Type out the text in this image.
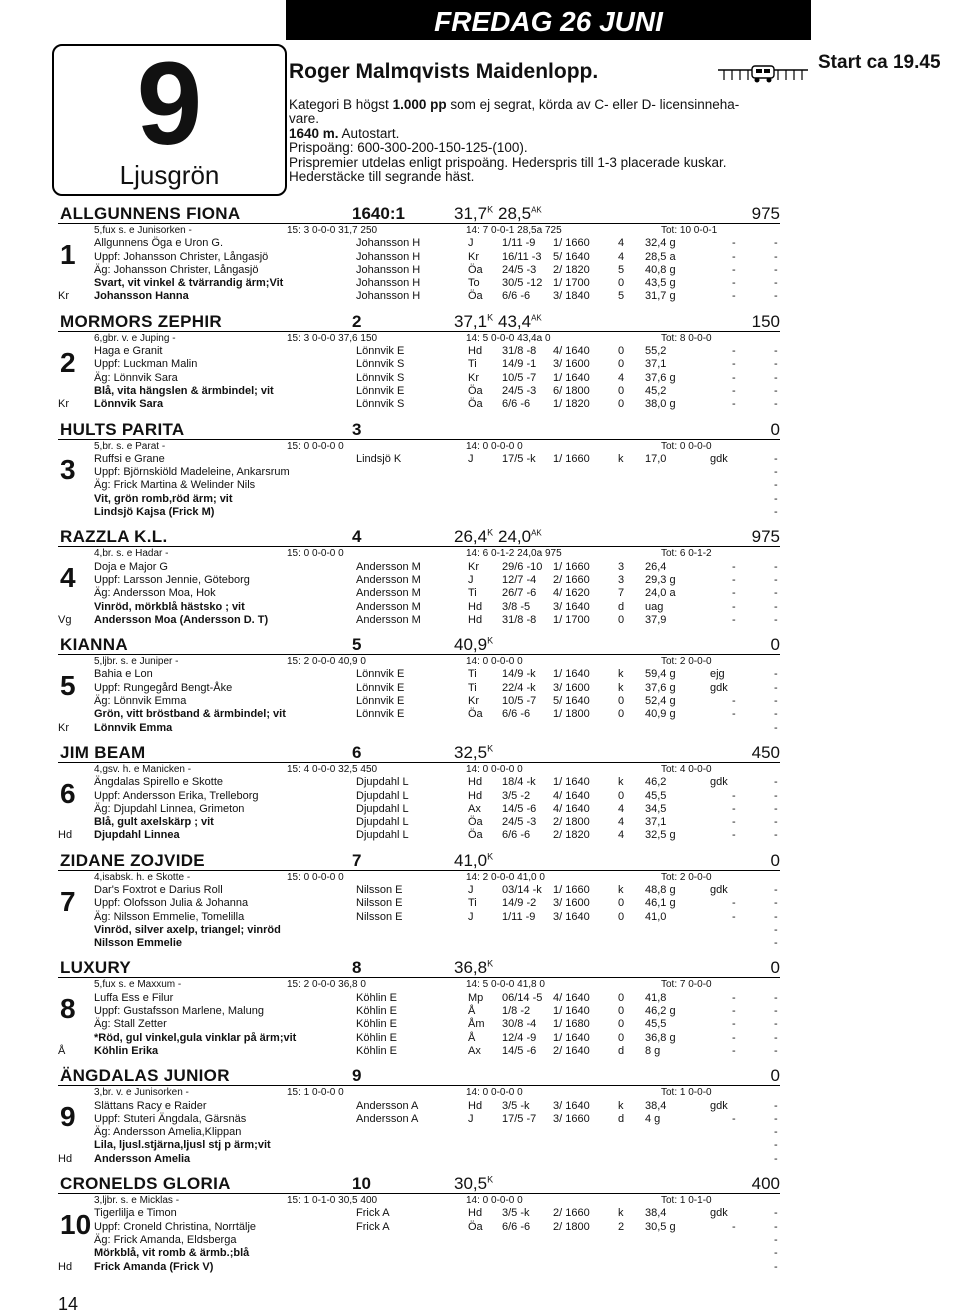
FREDAG 26 JUNI
9
Ljusgrön
Roger Malmqvists Maidenlopp.	Start ca 19.45
Kategori B högst 1.000 pp som ej segrat, körda av C- eller D- licensinneha-
vare.
1640 m. Autostart.
Prispoäng: 600-300-200-150-125-(100).
Prispremier utdelas enligt prispoäng. Hederspris till 1-3 placerade kuskar.
Hederstäcke till segrande häst.
ALLGUNNENS FIONA	1640:1	$31,7^K$ $28,5^{AK}$	975
5,fux s. e Junisorken -	15: 3 0-0-0 31,7 250	14: 7 0-0-1 28,5a 725	Tot: 10 0-0-1
Allgunnens Öga e Uron G.	Johansson H	J	1/11 -9 1/ 1660	4 32,4 g	-	-
Uppf: Johansson Christer, Långasjö	Johansson H	Kr 16/11 -3 5/ 1640	4 28,5 a	-	-
Äg: Johansson Christer, Långasjö	Johansson H	Öa 24/5 -3 2/ 1820	5 40,8 g	-	-
1
Svart, vit vinkel & tvärrandig ärm;Vit	Johansson H	To 30/5 -12 1/ 1700	0 43,5 g	-	-
Kr Johansson Hanna	Johansson H	Öa 6/6 -6 3/ 1840	5 31,7 g	-	-
MORMORS ZEPHIR	2	$37,1^K$ $43,4^{AK}$	150
6,gbr. v. e Juping -	15: 3 0-0-0 37,6 150	14: 5 0-0-0 43,4a 0	Tot: 8 0-0-0
Haga e Granit	Lönnvik E	Hd 31/8 -8 4/ 1640	0 55,2	-	-
Uppf: Luckman Malin	Lönnvik S	Ti 14/9 -1 3/ 1600	0 37,1	-	-
Äg: Lönnvik Sara	Lönnvik S	Kr 10/5 -7 1/ 1640	4 37,6 g	-	-
2
Blå, vita hängslen & ärmbindel; vit	Lönnvik E	Öa 24/5 -3 6/ 1800	0 45,2	-	-
Kr Lönnvik Sara	Lönnvik S	Öa 6/6 -6 1/ 1820	0 38,0 g	-	-
HULTS PARITA	3	0
5,br. s. e Parat -	15: 0 0-0-0 0	14: 0 0-0-0 0	Tot: 0 0-0-0
Ruffsi e Grane	Lindsjö K	J	17/5 -k 1/ 1660	k 17,0	gdk	-
Uppf: Björnskiöld Madeleine, Ankarsrum	-
Äg: Frick Martina & Welinder Nils	-
3
Vit, grön romb,röd ärm; vit	-
Lindsjö Kajsa (Frick M)	-
RAZZLA K.L.	4	$26,4^K$ $24,0^{AK}$	975
4,br. s. e Hadar -	15: 0 0-0-0 0	14: 6 0-1-2 24,0a 975	Tot: 6 0-1-2
Doja e Major G	Andersson M	Kr 29/6 -10 1/ 1660	3 26,4	-	-
Uppf: Larsson Jennie, Göteborg	Andersson M	J	12/7 -4 2/ 1660	3 29,3 g	-	-
Äg: Andersson Moa, Hok	Andersson M	Ti 26/7 -6 4/ 1620	7 24,0 a	-	-
4
Vinröd, mörkblå hästsko ; vit	Andersson M	Hd 3/8 -5 3/ 1640	d uag	-	-
Vg Andersson Moa (Andersson D. T)	Andersson M	Hd 31/8 -8 1/ 1700	0 37,9	-	-
KIANNA	5	$40,9^K$	0
5,ljbr. s. e Juniper -	15: 2 0-0-0 40,9 0	14: 0 0-0-0 0	Tot: 2 0-0-0
Bahia e Lon	Lönnvik E	Ti 14/9 -k 1/ 1640	k 59,4 g	ejg	-
Uppf: Rungegård Bengt-Åke	Lönnvik E	Ti 22/4 -k 3/ 1600	k 37,6 g	gdk	-
Äg: Lönnvik Emma	Lönnvik E	Kr 10/5 -7 5/ 1640	0 52,4 g	-	-
5
Grön, vitt bröstband & ärmbindel; vit	Lönnvik E	Öa 6/6 -6 1/ 1800	0 40,9 g	-	-
Kr Lönnvik Emma	-
JIM BEAM	6	$32,5^K$	450
4,gsv. h. e Manicken -	15: 4 0-0-0 32,5 450	14: 0 0-0-0 0	Tot: 4 0-0-0
Ängdalas Spirello e Skotte	Djupdahl L	Hd 18/4 -k 1/ 1640	k 46,2	gdk	-
Uppf: Andersson Erika, Trelleborg	Djupdahl L	Hd 3/5 -2 4/ 1640	0 45,5	-	-
Äg: Djupdahl Linnea, Grimeton	Djupdahl L	Ax 14/5 -6 4/ 1640	4 34,5	-	-
6
Blå, gult axelskärp ; vit	Djupdahl L	Öa 24/5 -3 2/ 1800	4 37,1	-	-
Hd Djupdahl Linnea	Djupdahl L	Öa 6/6 -6 2/ 1820	4 32,5 g	-	-
ZIDANE ZOJVIDE	7	$41,0^K$	0
4,isabsk. h. e Skotte -	15: 0 0-0-0 0	14: 2 0-0-0 41,0 0	Tot: 2 0-0-0
Dar's Foxtrot e Darius Roll	Nilsson E	J	03/14 -k 1/ 1660	k 48,8 g	gdk	-
Uppf: Olofsson Julia & Johanna	Nilsson E	Ti 14/9 -2 3/ 1600	0 46,1 g	-	-
Äg: Nilsson Emmelie, Tomelilla	Nilsson E	J	1/11 -9 3/ 1640	0 41,0	-	-
7
Vinröd, silver axelp, triangel; vinröd	-
Nilsson Emmelie	-
LUXURY	8	$36,8^K$	0
5,fux s. e Maxxum -	15: 2 0-0-0 36,8 0	14: 5 0-0-0 41,8 0	Tot: 7 0-0-0
Luffa Ess e Filur	Köhlin E	Mp 06/14 -5 4/ 1640	0 41,8	-	-
Uppf: Gustafsson Marlene, Malung	Köhlin E	Å 1/8 -2 1/ 1640	0 46,2 g	-	-
Äg: Stall Zetter	Köhlin E	Åm 30/8 -4 1/ 1680	0 45,5	-	-
8
*Röd, gul vinkel,gula vinklar på ärm;vit	Köhlin E	Å 12/4 -9 1/ 1640	0 36,8 g	-	-
Å	Köhlin Erika	Köhlin E	Ax 14/5 -6 2/ 1640	d 8 g	-	-
ÄNGDALAS JUNIOR	9	0
3,br. v. e Junisorken -	15: 1 0-0-0 0	14: 0 0-0-0 0	Tot: 1 0-0-0
Slättans Racy e Raider	Andersson A	Hd 3/5 -k 3/ 1640	k 38,4	gdk	-
Uppf: Stuteri Ängdala, Gärsnäs	Andersson A	J	17/5 -7 3/ 1660	d 4 g	-	-
Äg: Andersson Amelia,Klippan	-
9
Lila, ljusl.stjärna,ljusl stj p ärm;vit	-
Hd Andersson Amelia	-
CRONELDS GLORIA	10	$30,5^K$	400
3,ljbr. s. e Micklas -	15: 1 0-1-0 30,5 400	14: 0 0-0-0 0	Tot: 1 0-1-0
Tigerlilja e Timon	Frick A	Hd 3/5 -k 2/ 1660	k 38,4	gdk	-
Uppf: Croneld Christina, Norrtälje	Frick A	Öa 6/6 -6 2/ 1800	2 30,5 g	-	-
Äg: Frick Amanda, Eldsberga	-
10
Mörkblå, vit romb & ärmb.;blå	-
Hd Frick Amanda (Frick V)	-
14
